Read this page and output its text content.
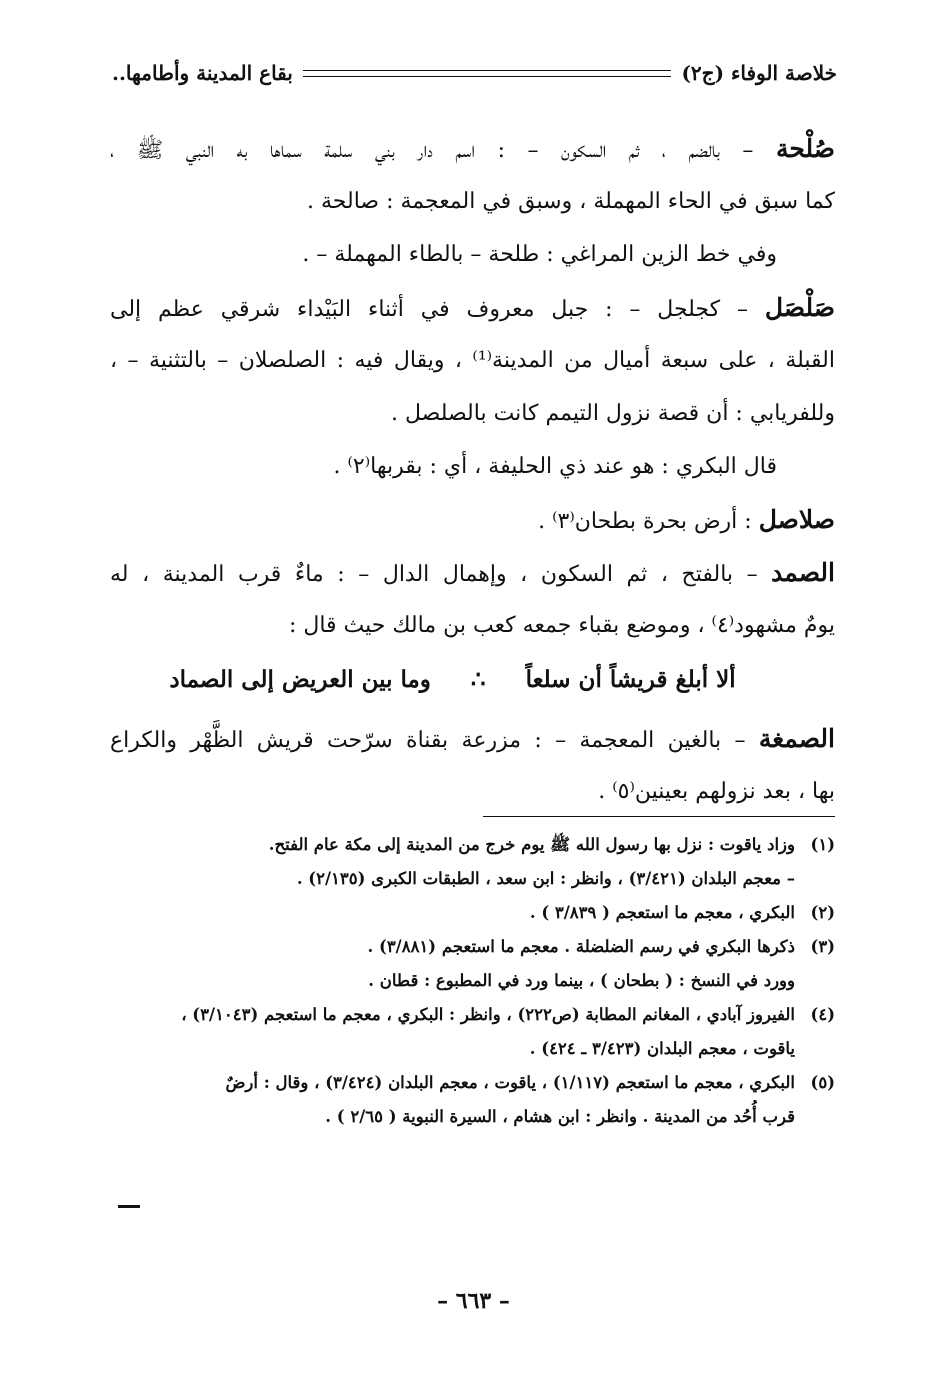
خلاصة الوفاء (ج٢)
بقاع المدينة وأطامها..
صُلْحة – بالضم ، ثم السكون – : اسم دار بني سلمة سماها به النبي ﷺ ،
كما سبق في الحاء المهملة ، وسبق في المعجمة : صالحة .
وفي خط الزين المراغي : طلحة – بالطاء المهملة – .
صَلْصَل – كجلجل – : جبل معروف في أثناء البَيْداء شرقي عظم إلى
القبلة ، على سبعة أميال من المدينة⁽¹⁾ ، ويقال فيه : الصلصلان – بالتثنية – ،
وللفريابي : أن قصة نزول التيمم كانت بالصلصل .
قال البكري : هو عند ذي الحليفة ، أي : بقربها⁽٢⁾ .
صلاصل : أرض بحرة بطحان⁽٣⁾ .
الصمد – بالفتح ، ثم السكون ، وإهمال الدال – : ماءٌ قرب المدينة ، له
يومٌ مشهود⁽٤⁾ ، وموضع بقباء جمعه كعب بن مالك حيث قال :
ألا أبلغ قريشاً أن سلعاً
∴
وما بين العريض إلى الصماد
الصمغة – بالغين المعجمة – : مزرعة بقناة سرّحت قريش الظَّهْر والكراع
بها ، بعد نزولهم بعينين⁽٥⁾ .
(١)وزاد ياقوت : نزل بها رسول الله ﷺ يوم خرج من المدينة إلى مكة عام الفتح.
– معجم البلدان (٣/٤٢١) ، وانظر : ابن سعد ، الطبقات الكبرى (٢/١٣٥) .
(٢)البكري ، معجم ما استعجم ( ٣/٨٣٩ ) .
(٣)ذكرها البكري في رسم الضلضلة . معجم ما استعجم (٣/٨٨١) .
وورد في النسخ : ( بطحان ) ، بينما ورد في المطبوع : قطان .
(٤)الفيروز آبادي ، المغانم المطابة (ص٢٢٢) ، وانظر : البكري ، معجم ما استعجم (٣/١٠٤٣) ،
ياقوت ، معجم البلدان (٣/٤٢٣ ـ ٤٢٤) .
(٥)البكري ، معجم ما استعجم (١/١١٧) ، ياقوت ، معجم البلدان (٣/٤٢٤) ، وقال : أرضٌ
قرب أُحُد من المدينة . وانظر : ابن هشام ، السيرة النبوية ( ٢/٦٥ ) .
– ٦٦٣ –
